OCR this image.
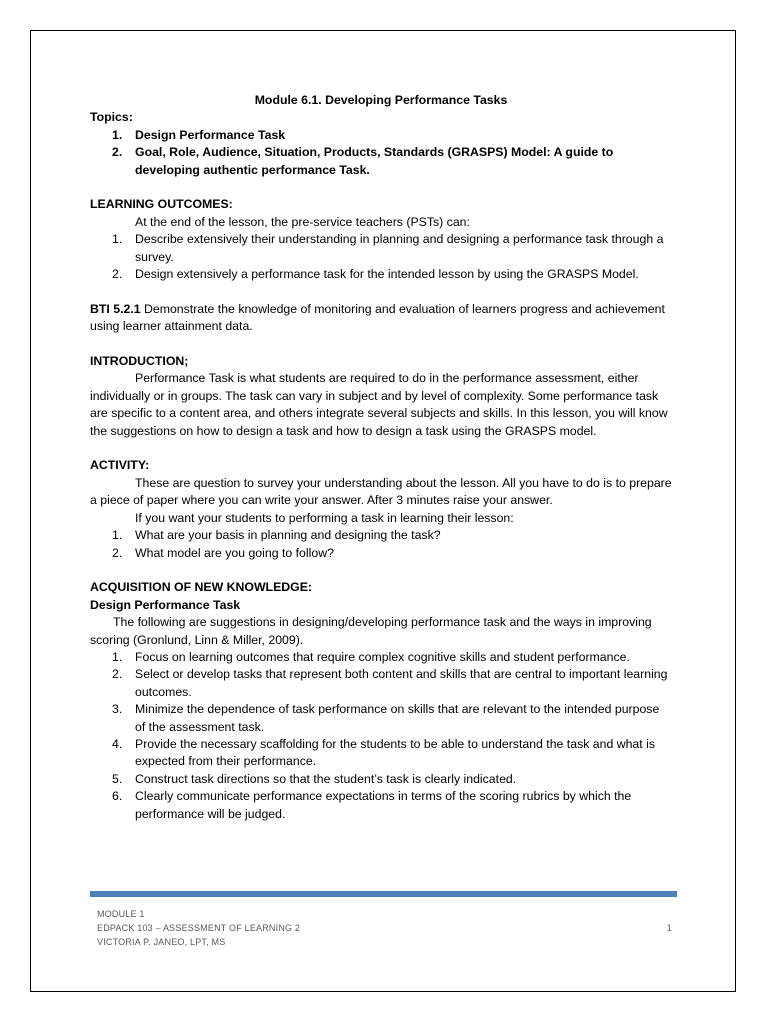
Module 6.1. Developing Performance Tasks

Topics:

1. Design Performance Task
2. Goal, Role, Audience, Situation, Products, Standards (GRASPS) Model: A guide to developing authentic performance Task.

LEARNING OUTCOMES:

At the end of the lesson, the pre-service teachers (PSTs) can:

1. Describe extensively their understanding in planning and designing a performance task through a survey.
2. Design extensively a performance task for the intended lesson by using the GRASPS Model.

BTI 5.2.1 Demonstrate the knowledge of monitoring and evaluation of learners progress and achievement using learner attainment data.

INTRODUCTION;

Performance Task is what students are required to do in the performance assessment, either individually or in groups. The task can vary in subject and by level of complexity. Some performance task are specific to a content area, and others integrate several subjects and skills. In this lesson, you will know the suggestions on how to design a task and how to design a task using the GRASPS model.

ACTIVITY:

These are question to survey your understanding about the lesson. All you have to do is to prepare a piece of paper where you can write your answer. After 3 minutes raise your answer.

If you want your students to performing a task in learning their lesson:

1. What are your basis in planning and designing the task?
2. What model are you going to follow?

ACQUISITION OF NEW KNOWLEDGE:

Design Performance Task

The following are suggestions in designing/developing performance task and the ways in improving scoring (Gronlund, Linn & Miller, 2009).

1. Focus on learning outcomes that require complex cognitive skills and student performance.
2. Select or develop tasks that represent both content and skills that are central to important learning outcomes.
3. Minimize the dependence of task performance on skills that are relevant to the intended purpose of the assessment task.
4. Provide the necessary scaffolding for the students to be able to understand the task and what is expected from their performance.
5. Construct task directions so that the student’s task is clearly indicated.
6. Clearly communicate performance expectations in terms of the scoring rubrics by which the performance will be judged.
MODULE 1
EDPACK 103 – ASSESSMENT OF LEARNING 2
VICTORIA P. JANEO, LPT, MS
1
